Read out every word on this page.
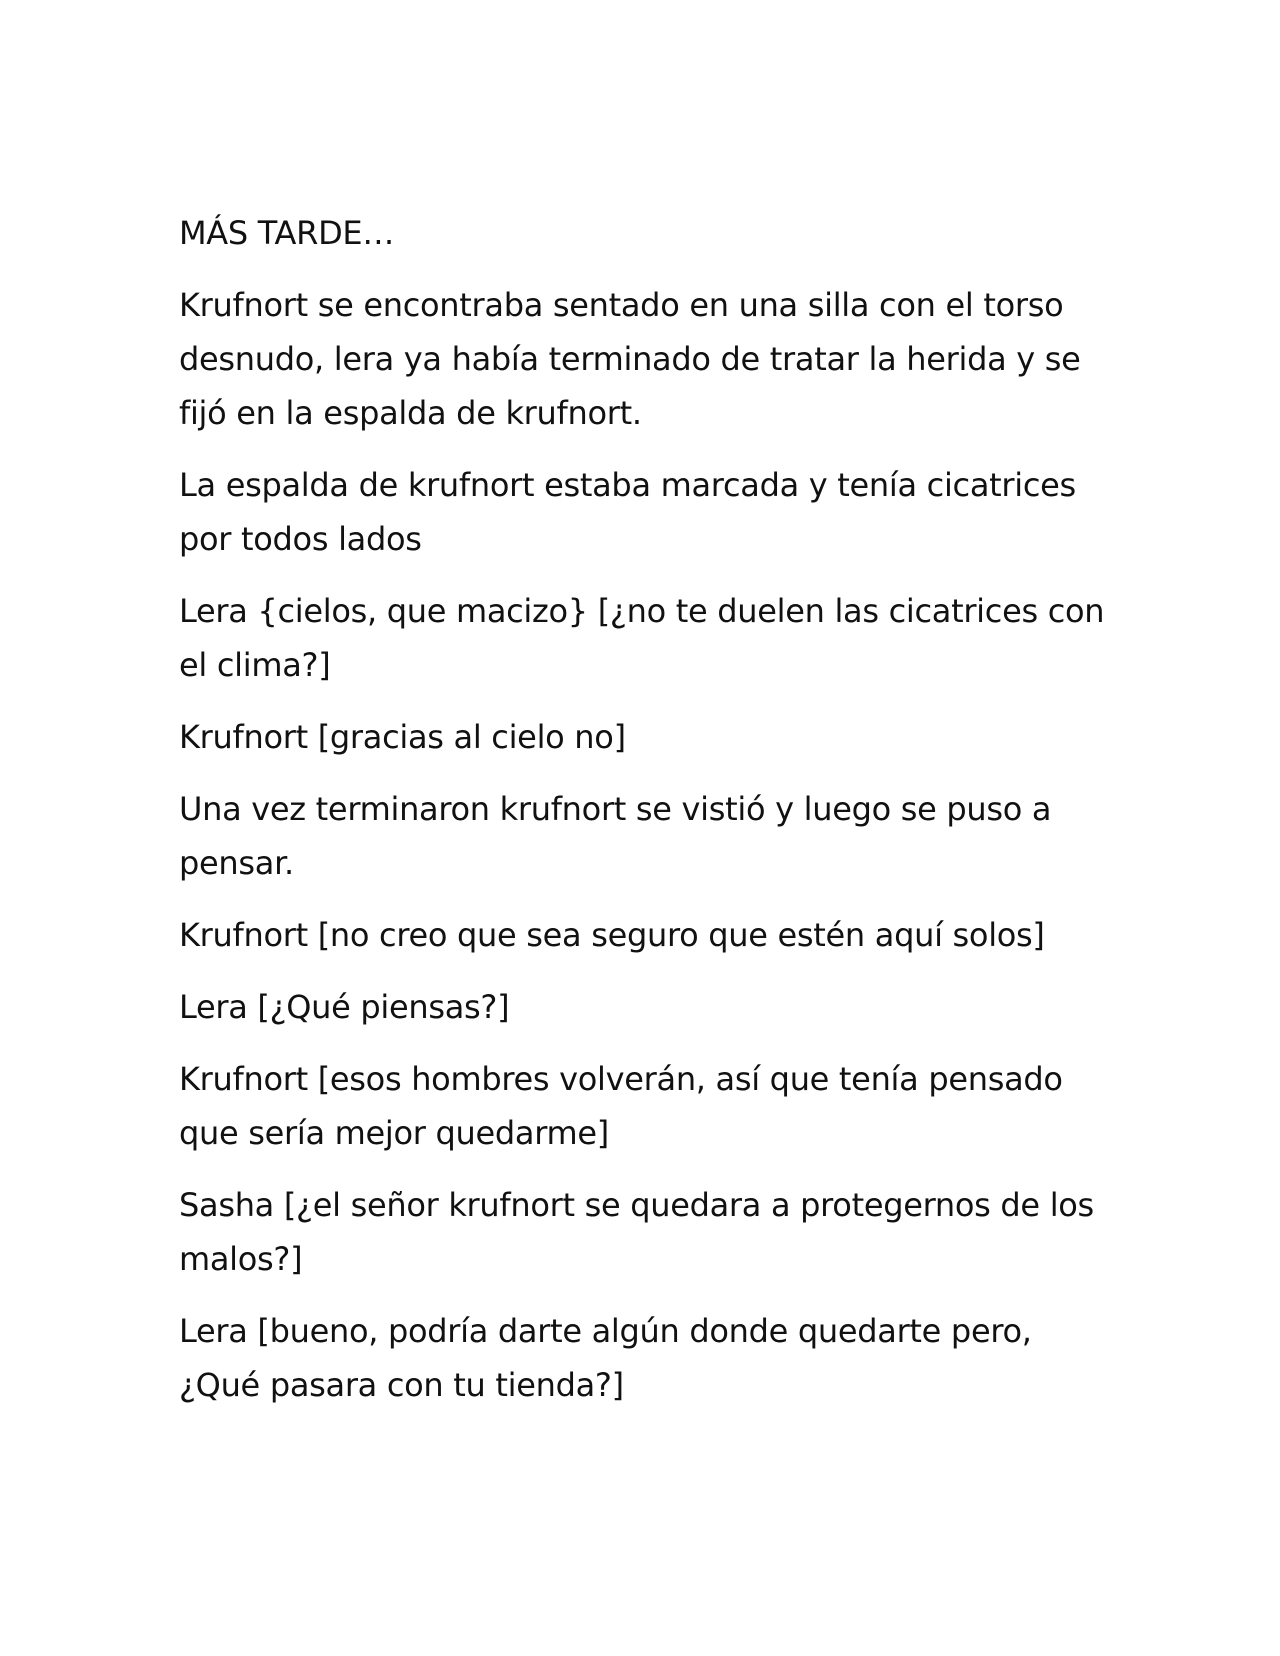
MÁS TARDE…

Krufnort se encontraba sentado en una silla con el torso desnudo, lera ya había terminado de tratar la herida y se fijó en la espalda de krufnort.

La espalda de krufnort estaba marcada y tenía cicatrices por todos lados

Lera {cielos, que macizo} [¿no te duelen las cicatrices con el clima?]

Krufnort [gracias al cielo no]

Una vez terminaron krufnort se vistió y luego se puso a pensar.

Krufnort [no creo que sea seguro que estén aquí solos]

Lera [¿Qué piensas?]

Krufnort [esos hombres volverán, así que tenía pensado que sería mejor quedarme]

Sasha [¿el señor krufnort se quedara a protegernos de los malos?]

Lera [bueno, podría darte algún donde quedarte pero, ¿Qué pasara con tu tienda?]
